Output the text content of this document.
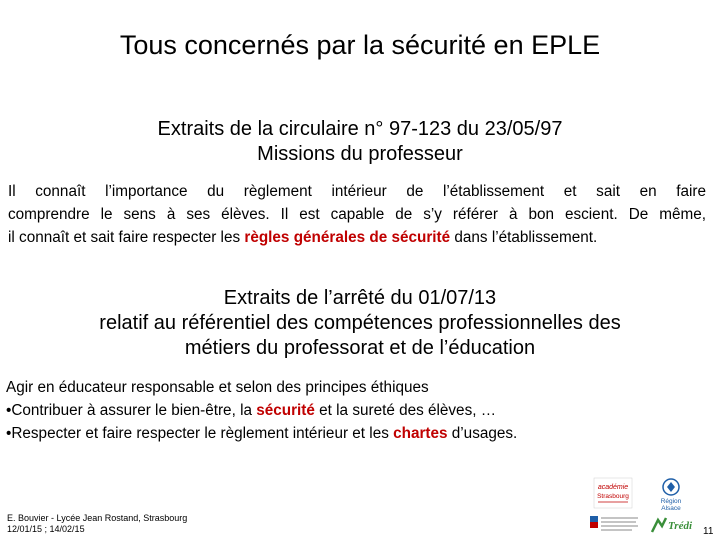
Tous concernés par la sécurité en EPLE
Extraits de la circulaire n° 97-123 du 23/05/97
Missions du professeur
Il connaît l’importance du règlement intérieur de l’établissement et sait en faire
comprendre le sens à ses élèves. Il est capable de s’y référer à bon escient. De même,
il connaît et sait faire respecter les règles générales de sécurité dans l’établissement.
Extraits de l’arrêté du 01/07/13
relatif au référentiel des compétences professionnelles des
métiers du professorat et de l’éducation
Agir en éducateur responsable et selon des principes éthiques
•Contribuer à assurer le bien-être, la sécurité et la sureté des élèves, …
•Respecter et faire respecter le règlement intérieur et les chartes d’usages.
E. Bouvier - Lycée Jean Rostand, Strasbourg
12/01/15 ; 14/02/15
académie
Strasbourg
Région
Alsace
Trédi 11
